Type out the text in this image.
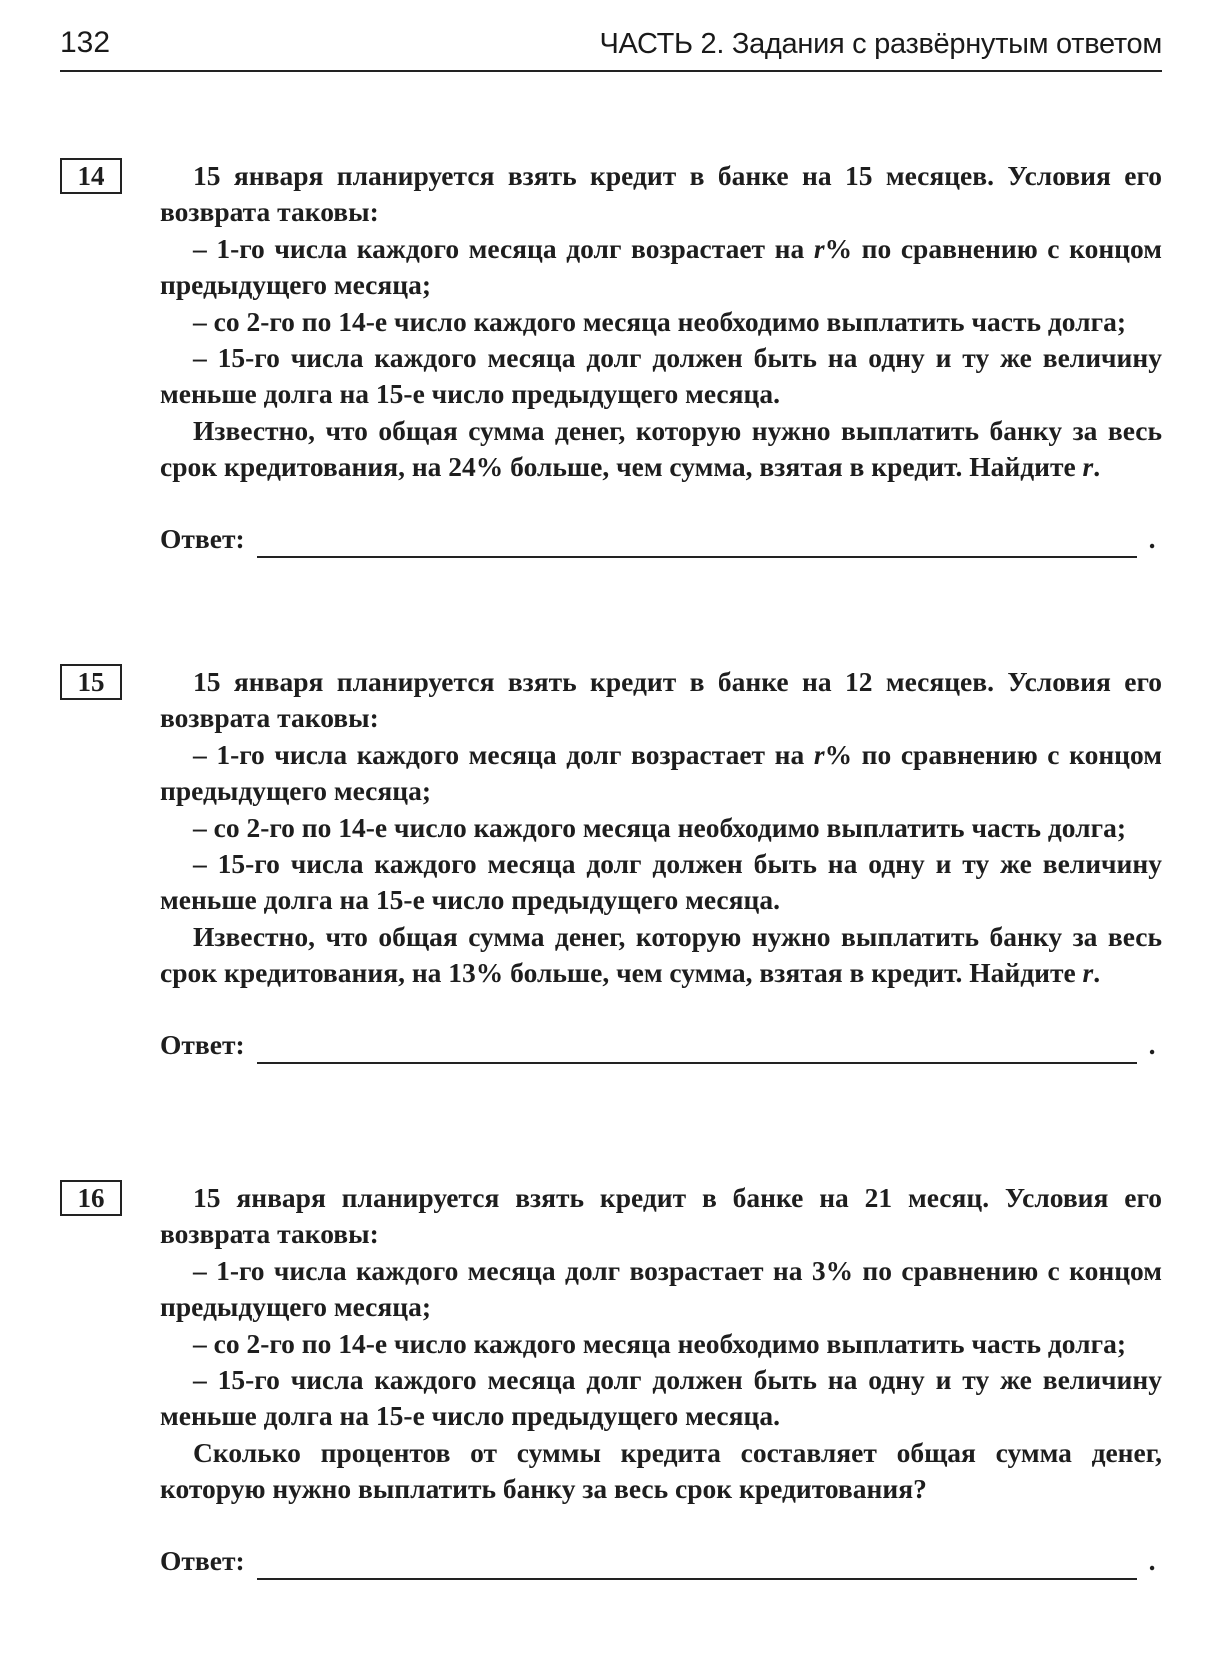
132	ЧАСТЬ 2. Задания с развёрнутым ответом
14	15 января планируется взять кредит в банке на 15 месяцев. Условия его возврата таковы:

– 1-го числа каждого месяца долг возрастает на r% по сравнению с концом предыдущего месяца;

– со 2-го по 14-е число каждого месяца необходимо выплатить часть долга;

– 15-го числа каждого месяца долг должен быть на одну и ту же величину меньше долга на 15-е число предыдущего месяца.

Известно, что общая сумма денег, которую нужно выплатить банку за весь срок кредитования, на 24% больше, чем сумма, взятая в кредит. Найдите r.

Ответ:	.
15	15 января планируется взять кредит в банке на 12 месяцев. Условия его возврата таковы:

– 1-го числа каждого месяца долг возрастает на r% по сравнению с концом предыдущего месяца;

– со 2-го по 14-е число каждого месяца необходимо выплатить часть долга;

– 15-го числа каждого месяца долг должен быть на одну и ту же величину меньше долга на 15-е число предыдущего месяца.

Известно, что общая сумма денег, которую нужно выплатить банку за весь срок кредитования, на 13% больше, чем сумма, взятая в кредит. Найдите r.

Ответ:	.
16	15 января планируется взять кредит в банке на 21 месяц. Условия его возврата таковы:

– 1-го числа каждого месяца долг возрастает на 3% по сравнению с концом предыдущего месяца;

– со 2-го по 14-е число каждого месяца необходимо выплатить часть долга;

– 15-го числа каждого месяца долг должен быть на одну и ту же величину меньше долга на 15-е число предыдущего месяца.

Сколько процентов от суммы кредита составляет общая сумма денег, которую нужно выплатить банку за весь срок кредитования?

Ответ:	.
